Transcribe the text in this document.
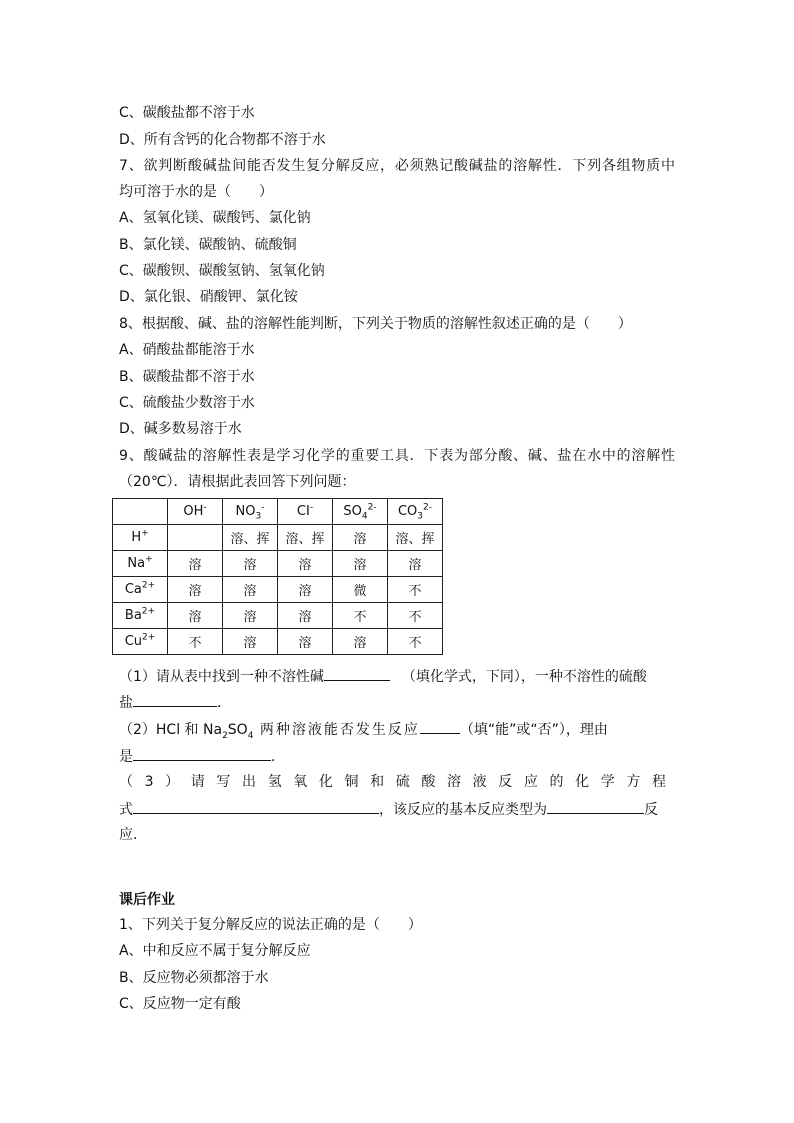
C、碳酸盐都不溶于水
D、所有含钙的化合物都不溶于水
7、欲判断酸碱盐间能否发生复分解反应，必须熟记酸碱盐的溶解性．下列各组物质中
均可溶于水的是（　　）
A、氢氧化镁、碳酸钙、氯化钠
B、氯化镁、碳酸钠、硫酸铜
C、碳酸钡、碳酸氢钠、氢氧化钠
D、氯化银、硝酸钾、氯化铵
8、根据酸、碱、盐的溶解性能判断，下列关于物质的溶解性叙述正确的是（　　）
A、硝酸盐都能溶于水
B、碳酸盐都不溶于水
C、硫酸盐少数溶于水
D、碱多数易溶于水
9、酸碱盐的溶解性表是学习化学的重要工具．下表为部分酸、碱、盐在水中的溶解性
（20℃）．请根据此表回答下列问题：
	OH-	$NO_3^-$	CI-	$SO_4^{2-}$	$CO_3^{2-}$
H+		溶、挥	溶、挥	溶	溶、挥
Na+	溶	溶	溶	溶	溶
$Ca^{2+}$	溶	溶	溶	微	不
$Ba^{2+}$	溶	溶	溶	不	不
$Cu^{2+}$	不	溶	溶	溶	不
（1）请从表中找到一种不溶性碱	（填化学式，下同），一种不溶性的硫酸
盐	．
（2）HCl 和 $Na_2SO_4$ 两种溶液能否发生反应	（填“能”或“否”），理由
是	．
（3）请写出氢氧化铜和硫酸溶液反应的化学方程
式	，该反应的基本反应类型为	反
应．
课后作业
1、下列关于复分解反应的说法正确的是（　　）
A、中和反应不属于复分解反应
B、反应物必须都溶于水
C、反应物一定有酸
